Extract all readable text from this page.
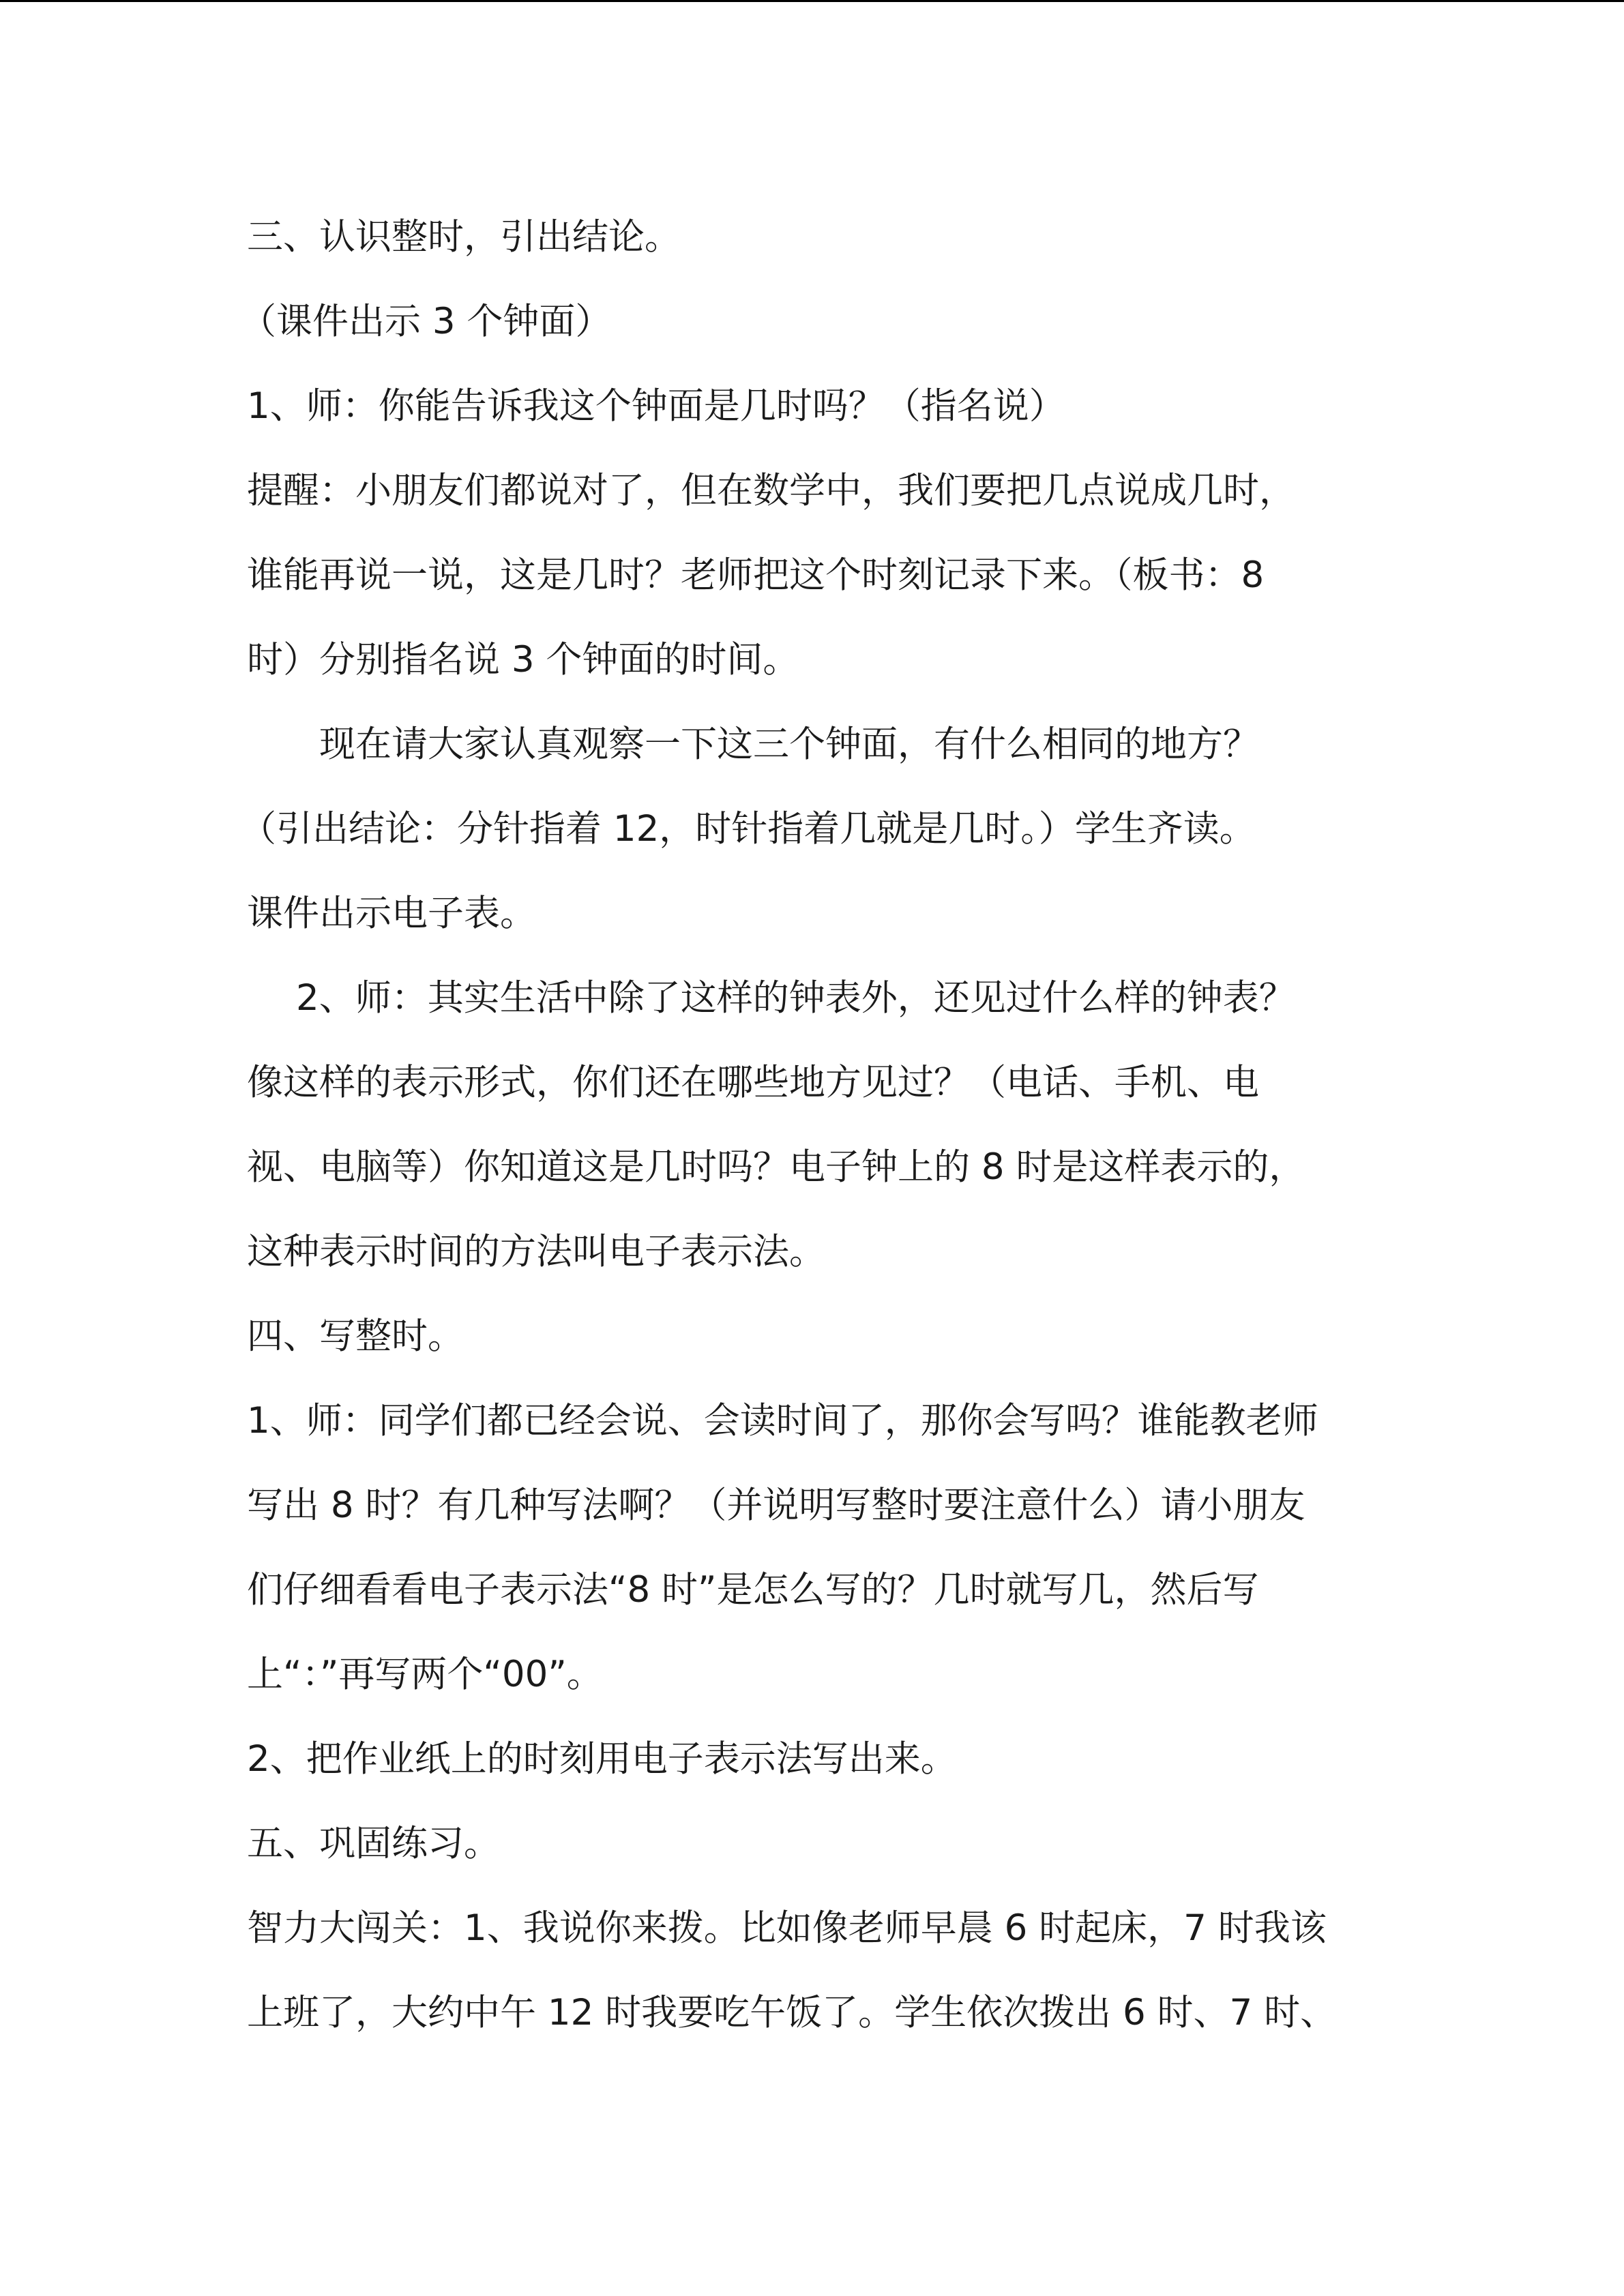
三、认识整时，引出结论。
（课件出示 3 个钟面）
1、师：你能告诉我这个钟面是几时吗？（指名说）
提醒：小朋友们都说对了，但在数学中，我们要把几点说成几时，
谁能再说一说，这是几时？老师把这个时刻记录下来。（板书：8
时）分别指名说 3 个钟面的时间。
现在请大家认真观察一下这三个钟面，有什么相同的地方？
（引出结论：分针指着 12，时针指着几就是几时。）学生齐读。
课件出示电子表。
2、师：其实生活中除了这样的钟表外，还见过什么样的钟表？
像这样的表示形式，你们还在哪些地方见过？（电话、手机、电
视、电脑等）你知道这是几时吗？电子钟上的 8 时是这样表示的，
这种表示时间的方法叫电子表示法。
四、写整时。
1、师：同学们都已经会说、会读时间了，那你会写吗？谁能教老师
写出 8 时？有几种写法啊？（并说明写整时要注意什么）请小朋友
们仔细看看电子表示法“8 时”是怎么写的？几时就写几，然后写
上“：”再写两个“00”。
2、把作业纸上的时刻用电子表示法写出来。
五、巩固练习。
智力大闯关：1、我说你来拨。比如像老师早晨 6 时起床，7 时我该
上班了，大约中午 12 时我要吃午饭了。学生依次拨出 6 时、7 时、
